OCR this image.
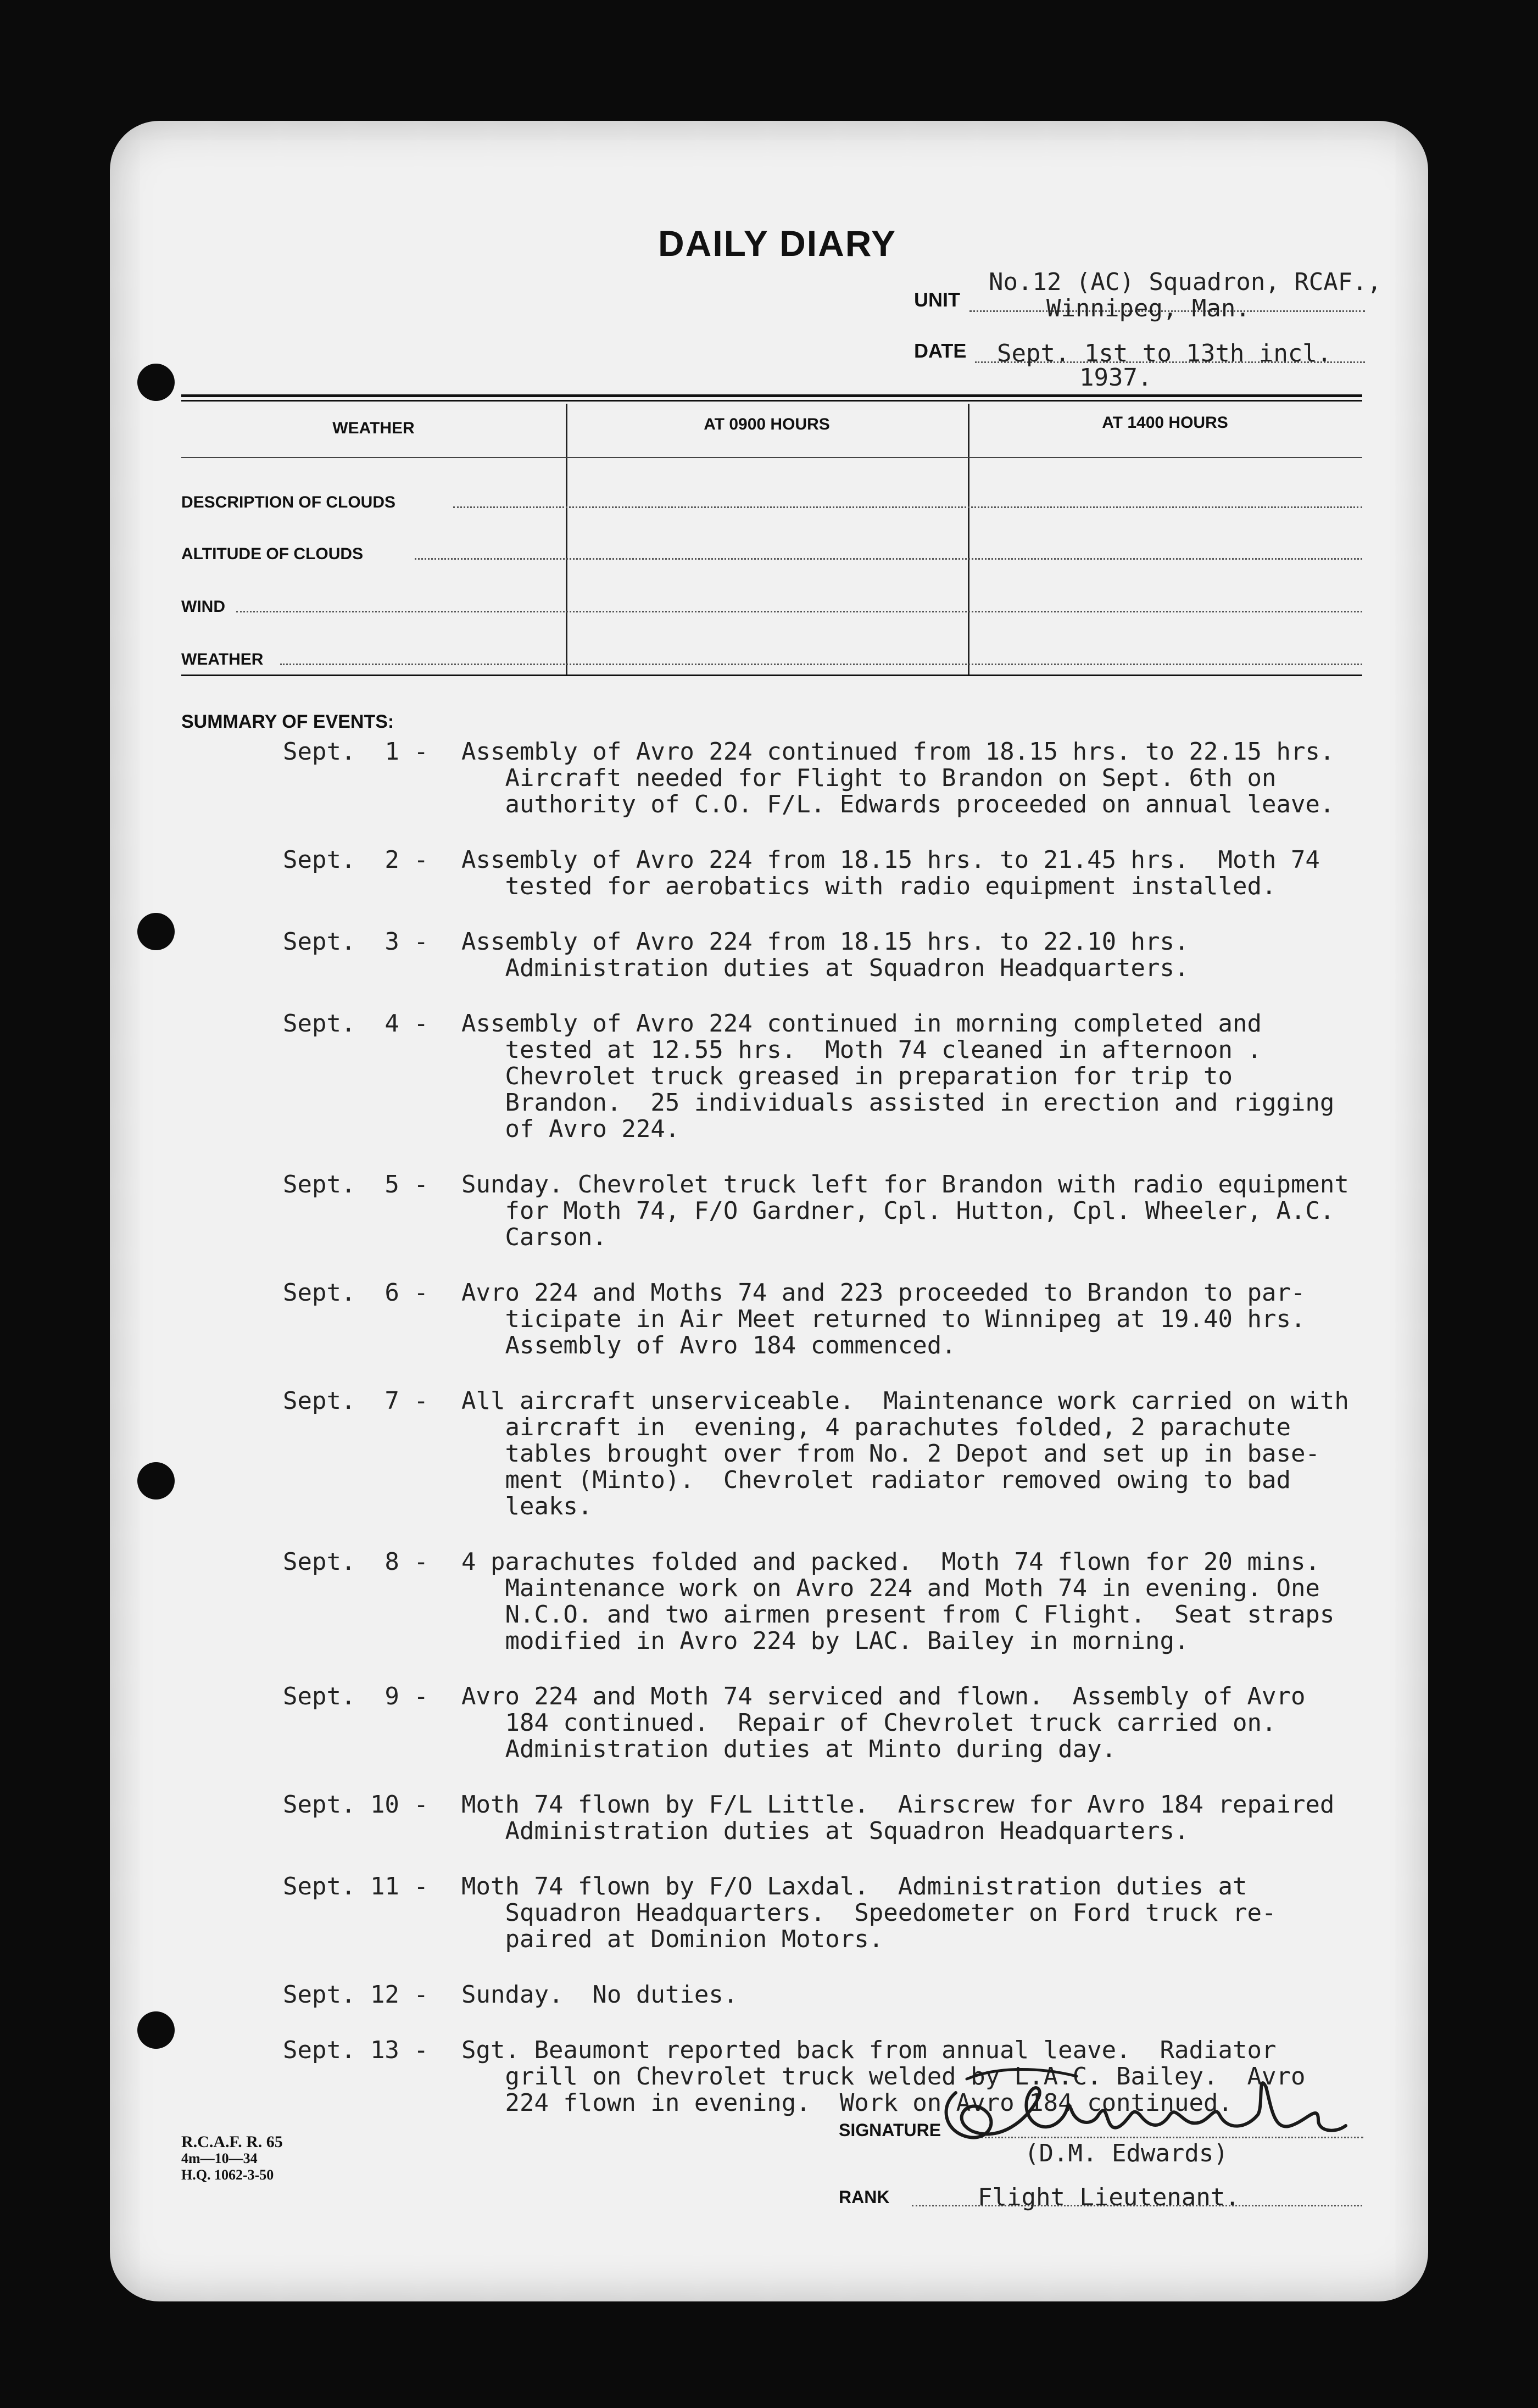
DAILY DIARY
UNIT
No.12 (AC) Squadron, RCAF.,
Winnipeg, Man.
DATE Sept. 1st to 13th incl.
1937.
WEATHER	AT 0900 HOURS	AT 1400 HOURS
DESCRIPTION OF CLOUDS
ALTITUDE OF CLOUDS
WIND
WEATHER
SUMMARY OF EVENTS:
Sept.  1 - Assembly of Avro 224 continued from 18.15 hrs. to 22.15 hrs.
Aircraft needed for Flight to Brandon on Sept. 6th on
authority of C.O. F/L. Edwards proceeded on annual leave.
Sept.  2 - Assembly of Avro 224 from 18.15 hrs. to 21.45 hrs.  Moth 74
tested for aerobatics with radio equipment installed.
Sept.  3 - Assembly of Avro 224 from 18.15 hrs. to 22.10 hrs.
Administration duties at Squadron Headquarters.
Sept.  4 - Assembly of Avro 224 continued in morning completed and
tested at 12.55 hrs.  Moth 74 cleaned in afternoon .
Chevrolet truck greased in preparation for trip to
Brandon.  25 individuals assisted in erection and rigging
of Avro 224.
Sept.  5 - Sunday. Chevrolet truck left for Brandon with radio equipment
for Moth 74, F/O Gardner, Cpl. Hutton, Cpl. Wheeler, A.C.
Carson.
Sept.  6 - Avro 224 and Moths 74 and 223 proceeded to Brandon to par-
ticipate in Air Meet returned to Winnipeg at 19.40 hrs.
Assembly of Avro 184 commenced.
Sept.  7 - All aircraft unserviceable.  Maintenance work carried on with
aircraft in  evening, 4 parachutes folded, 2 parachute
tables brought over from No. 2 Depot and set up in base-
ment (Minto).  Chevrolet radiator removed owing to bad
leaks.
Sept.  8 - 4 parachutes folded and packed.  Moth 74 flown for 20 mins.
Maintenance work on Avro 224 and Moth 74 in evening. One
N.C.O. and two airmen present from C Flight.  Seat straps
modified in Avro 224 by LAC. Bailey in morning.
Sept.  9 - Avro 224 and Moth 74 serviced and flown.  Assembly of Avro
184 continued.  Repair of Chevrolet truck carried on.
Administration duties at Minto during day.
Sept. 10 - Moth 74 flown by F/L Little.  Airscrew for Avro 184 repaired
Administration duties at Squadron Headquarters.
Sept. 11 - Moth 74 flown by F/O Laxdal.  Administration duties at
Squadron Headquarters.  Speedometer on Ford truck re-
paired at Dominion Motors.
Sept. 12 - Sunday.  No duties.
Sept. 13 - Sgt. Beaumont reported back from annual leave.  Radiator
grill on Chevrolet truck welded by L.A.C. Bailey.  Avro
224 flown in evening.  Work on Avro 184 continued.
R.C.A.F. R. 65
4m—10—34
H.Q. 1062-3-50
SIGNATURE
(D.M. Edwards)
RANK	Flight Lieutenant.
